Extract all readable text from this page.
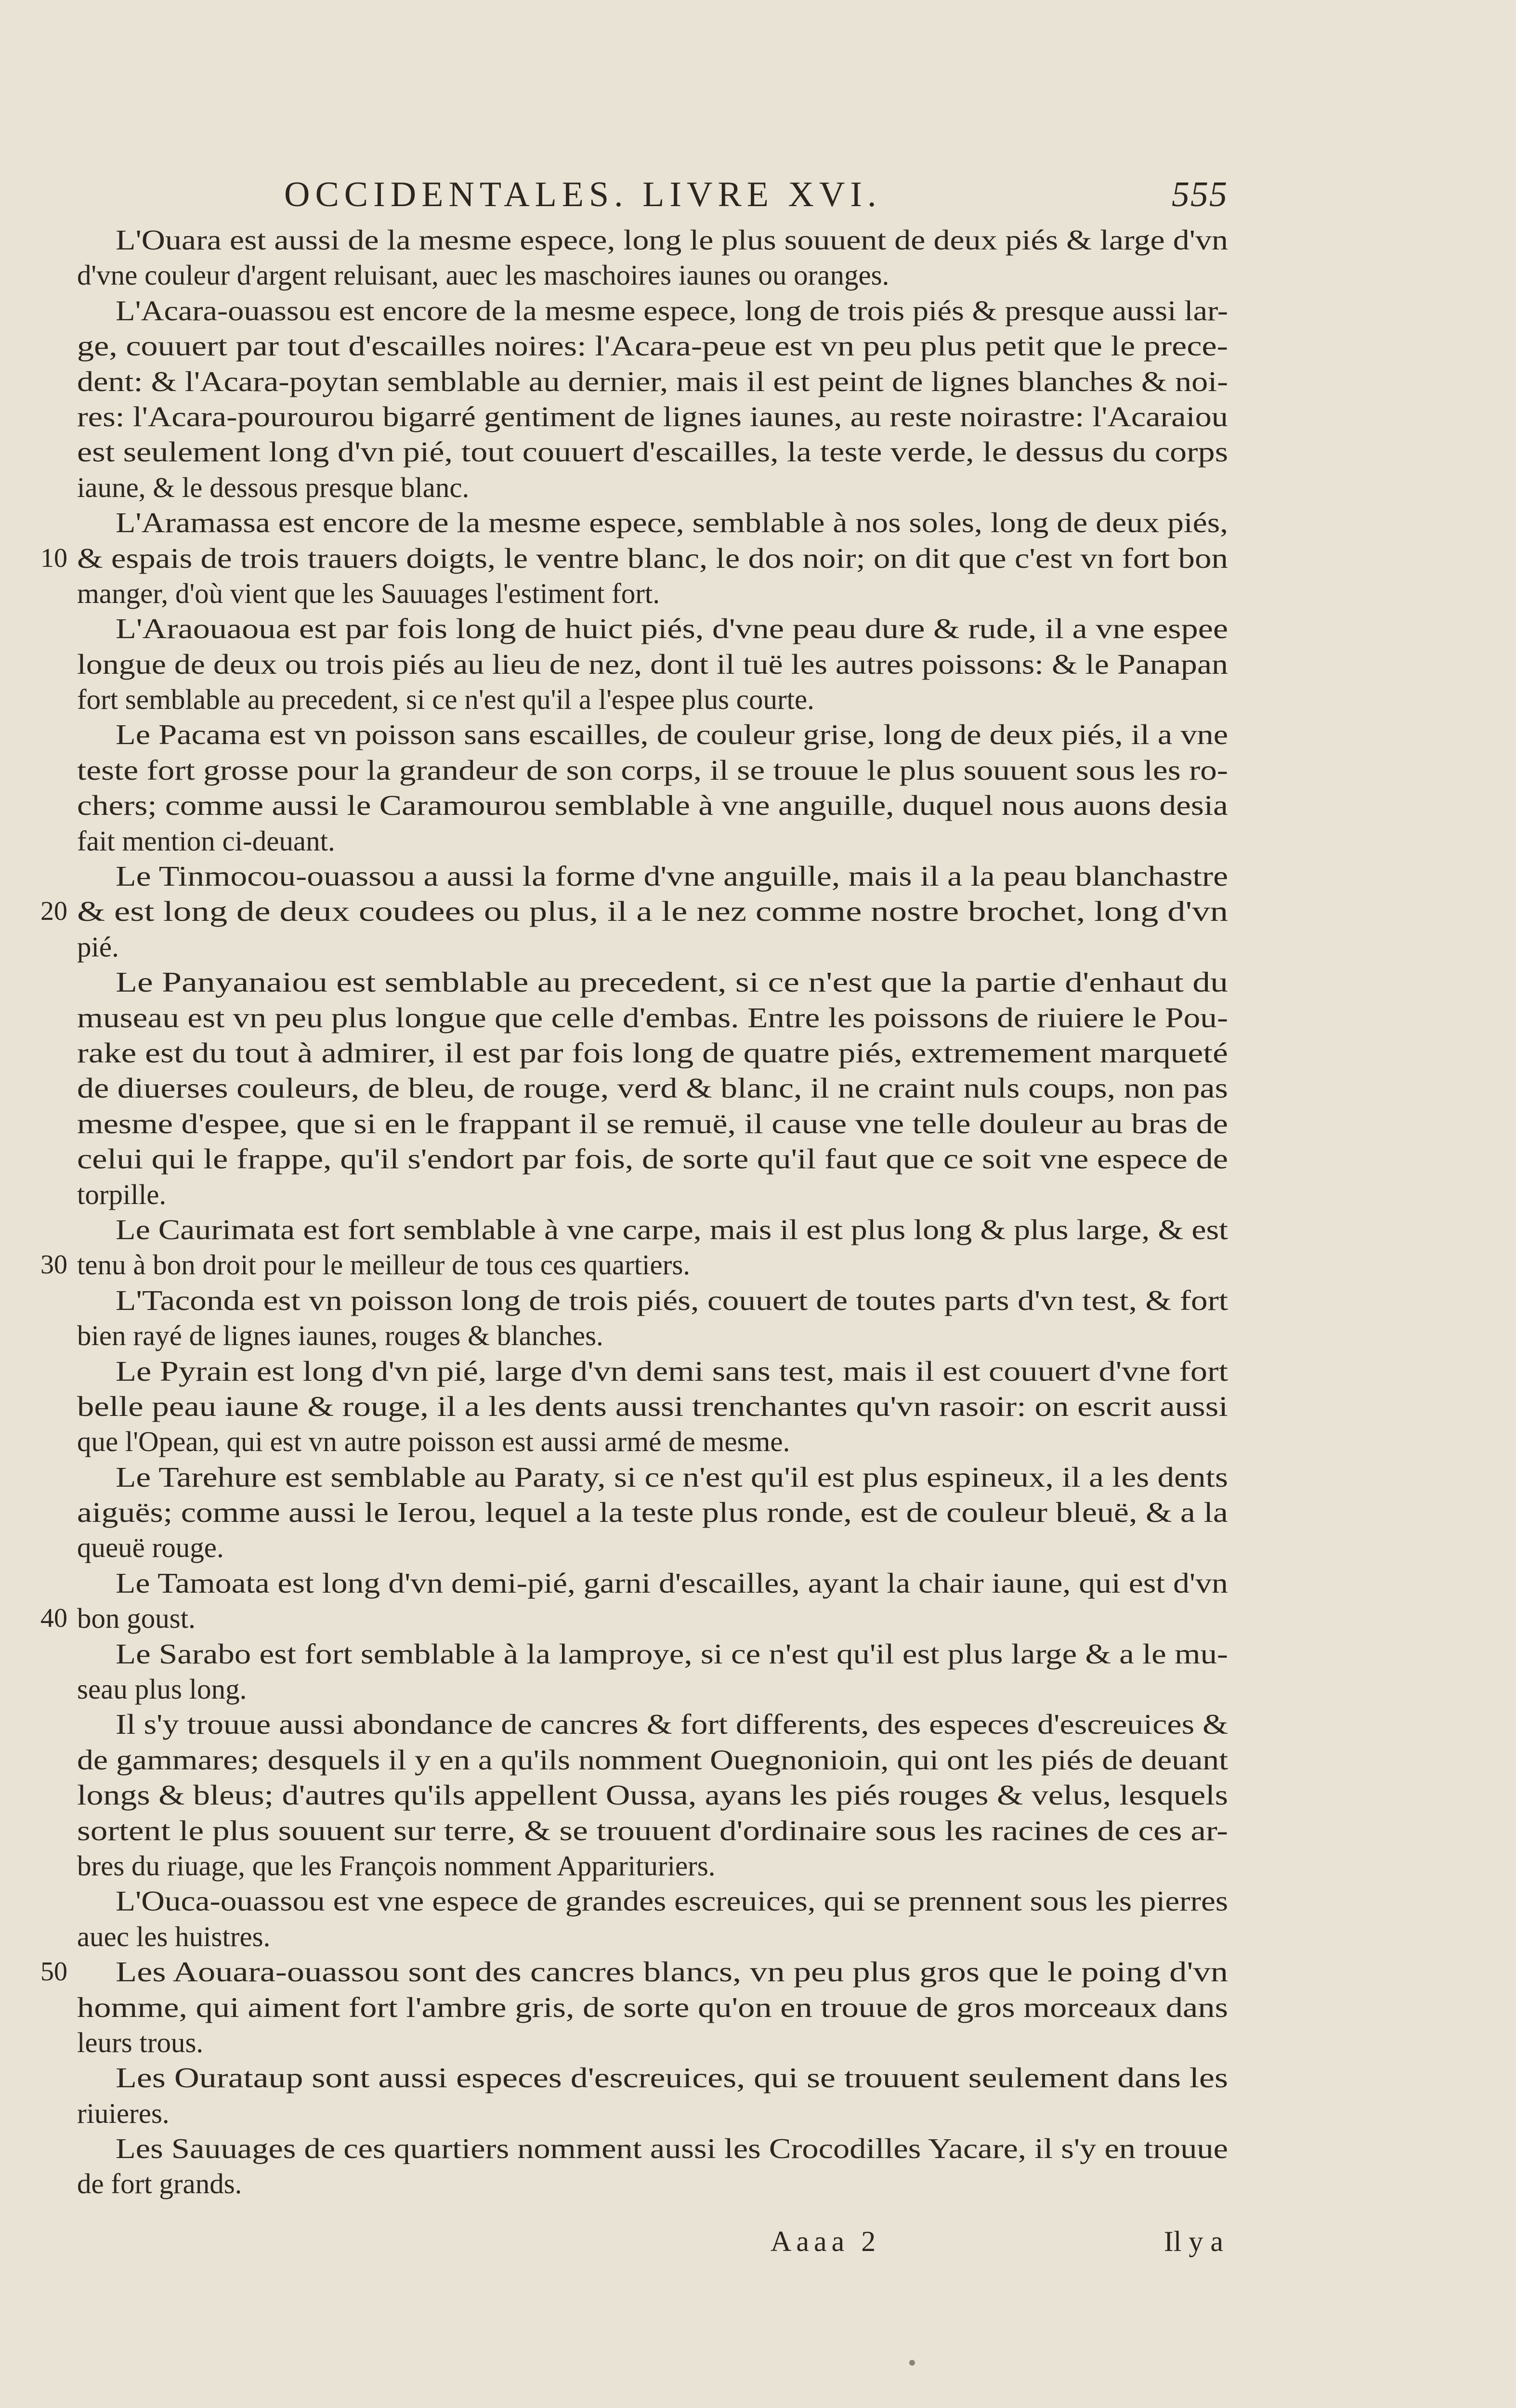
OCCIDENTALES. LIVRE XVI.	555
L'Ouara est aussi de la mesme espece, long le plus souuent de deux piés & large d'vn
d'vne couleur d'argent reluisant, auec les maschoires iaunes ou oranges.
L'Acara-ouassou est encore de la mesme espece, long de trois piés & presque aussi lar-
ge, couuert par tout d'escailles noires: l'Acara-peue est vn peu plus petit que le prece-
dent: & l'Acara-poytan semblable au dernier, mais il est peint de lignes blanches & noi-
res: l'Acara-pourourou bigarré gentiment de lignes iaunes, au reste noirastre: l'Acaraiou
est seulement long d'vn pié, tout couuert d'escailles, la teste verde, le dessus du corps
iaune, & le dessous presque blanc.
L'Aramassa est encore de la mesme espece, semblable à nos soles, long de deux piés,
10 & espais de trois trauers doigts, le ventre blanc, le dos noir; on dit que c'est vn fort bon
manger, d'où vient que les Sauuages l'estiment fort.
L'Araouaoua est par fois long de huict piés, d'vne peau dure & rude, il a vne espee
longue de deux ou trois piés au lieu de nez, dont il tuë les autres poissons: & le Panapan
fort semblable au precedent, si ce n'est qu'il a l'espee plus courte.
Le Pacama est vn poisson sans escailles, de couleur grise, long de deux piés, il a vne
teste fort grosse pour la grandeur de son corps, il se trouue le plus souuent sous les ro-
chers; comme aussi le Caramourou semblable à vne anguille, duquel nous auons desia
fait mention ci-deuant.
Le Tinmocou-ouassou a aussi la forme d'vne anguille, mais il a la peau blanchastre
20 & est long de deux coudees ou plus, il a le nez comme nostre brochet, long d'vn
pié.
Le Panyanaiou est semblable au precedent, si ce n'est que la partie d'enhaut du
museau est vn peu plus longue que celle d'embas. Entre les poissons de riuiere le Pou-
rake est du tout à admirer, il est par fois long de quatre piés, extremement marqueté
de diuerses couleurs, de bleu, de rouge, verd & blanc, il ne craint nuls coups, non pas
mesme d'espee, que si en le frappant il se remuë, il cause vne telle douleur au bras de
celui qui le frappe, qu'il s'endort par fois, de sorte qu'il faut que ce soit vne espece de
torpille.
Le Caurimata est fort semblable à vne carpe, mais il est plus long & plus large, & est
30 tenu à bon droit pour le meilleur de tous ces quartiers.
L'Taconda est vn poisson long de trois piés, couuert de toutes parts d'vn test, & fort
bien rayé de lignes iaunes, rouges & blanches.
Le Pyrain est long d'vn pié, large d'vn demi sans test, mais il est couuert d'vne fort
belle peau iaune & rouge, il a les dents aussi trenchantes qu'vn rasoir: on escrit aussi
que l'Opean, qui est vn autre poisson est aussi armé de mesme.
Le Tarehure est semblable au Paraty, si ce n'est qu'il est plus espineux, il a les dents
aiguës; comme aussi le Ierou, lequel a la teste plus ronde, est de couleur bleuë, & a la
queuë rouge.
Le Tamoata est long d'vn demi-pié, garni d'escailles, ayant la chair iaune, qui est d'vn
40 bon goust.
Le Sarabo est fort semblable à la lamproye, si ce n'est qu'il est plus large & a le mu-
seau plus long.
Il s'y trouue aussi abondance de cancres & fort differents, des especes d'escreuices &
de gammares; desquels il y en a qu'ils nomment Ouegnonioin, qui ont les piés de deuant
longs & bleus; d'autres qu'ils appellent Oussa, ayans les piés rouges & velus, lesquels
sortent le plus souuent sur terre, & se trouuent d'ordinaire sous les racines de ces ar-
bres du riuage, que les François nomment Apparituriers.
L'Ouca-ouassou est vne espece de grandes escreuices, qui se prennent sous les pierres
auec les huistres.
50 Les Aouara-ouassou sont des cancres blancs, vn peu plus gros que le poing d'vn
homme, qui aiment fort l'ambre gris, de sorte qu'on en trouue de gros morceaux dans
leurs trous.
Les Ourataup sont aussi especes d'escreuices, qui se trouuent seulement dans les
riuieres.
Les Sauuages de ces quartiers nomment aussi les Crocodilles Yacare, il s'y en trouue
de fort grands.
Aaaa 2	Il y a
